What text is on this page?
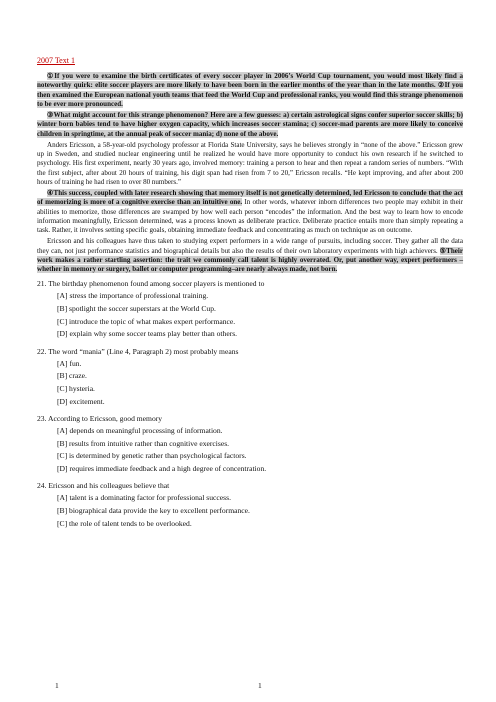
2007 Text 1

①If you were to examine the birth certificates of every soccer player in 2006’s World Cup tournament, you would most likely find a noteworthy quirk: elite soccer players are more likely to have been born in the earlier months of the year than in the late months. ②If you then examined the European national youth teams that feed the World Cup and professional ranks, you would find this strange phenomenon to be ever more pronounced.

③What might account for this strange phenomenon? Here are a few guesses: a) certain astrological signs confer superior soccer skills; b) winter born babies tend to have higher oxygen capacity, which increases soccer stamina; c) soccer-mad parents are more likely to conceive children in springtime, at the annual peak of soccer mania; d) none of the above.

Anders Ericsson, a 58-year-old psychology professor at Florida State University, says he believes strongly in “none of the above.” Ericsson grew up in Sweden, and studied nuclear engineering until he realized he would have more opportunity to conduct his own research if he switched to psychology. His first experiment, nearly 30 years ago, involved memory: training a person to hear and then repeat a random series of numbers. “With the first subject, after about 20 hours of training, his digit span had risen from 7 to 20,” Ericsson recalls. “He kept improving, and after about 200 hours of training he had risen to over 80 numbers.”

④This success, coupled with later research showing that memory itself is not genetically determined, led Ericsson to conclude that the act of memorizing is more of a cognitive exercise than an intuitive one. In other words, whatever inborn differences two people may exhibit in their abilities to memorize, those differences are swamped by how well each person “encodes” the information. And the best way to learn how to encode information meaningfully, Ericsson determined, was a process known as deliberate practice. Deliberate practice entails more than simply repeating a task. Rather, it involves setting specific goals, obtaining immediate feedback and concentrating as much on technique as on outcome.

Ericsson and his colleagues have thus taken to studying expert performers in a wide range of pursuits, including soccer. They gather all the data they can, not just performance statistics and biographical details but also the results of their own laboratory experiments with high achievers. ⑤Their work makes a rather startling assertion: the trait we commonly call talent is highly overrated. Or, put another way, expert performers – whether in memory or surgery, ballet or computer programming–are nearly always made, not born.

21. The birthday phenomenon found among soccer players is mentioned to

[A] stress the importance of professional training.

[B] spotlight the soccer superstars at the World Cup.

[C] introduce the topic of what makes expert performance.

[D] explain why some soccer teams play better than others.

22. The word “mania” (Line 4, Paragraph 2) most probably means

[A] fun.

[B] craze.

[C] hysteria.

[D] excitement.

23. According to Ericsson, good memory

[A] depends on meaningful processing of information.

[B] results from intuitive rather than cognitive exercises.

[C] is determined by genetic rather than psychological factors.

[D] requires immediate feedback and a high degree of concentration.

24. Ericsson and his colleagues believe that

[A] talent is a dominating factor for professional success.

[B] biographical data provide the key to excellent performance.

[C] the role of talent tends to be overlooked.

1	1
